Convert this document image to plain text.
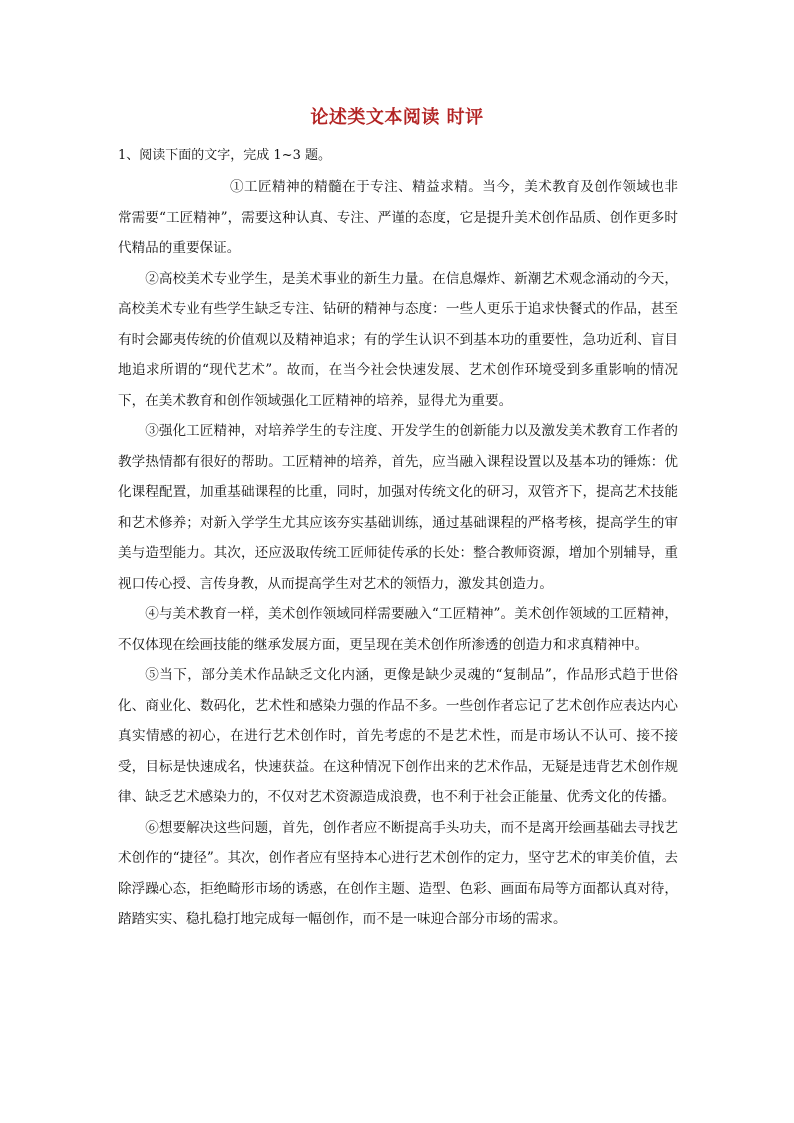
论述类文本阅读 时评
1、阅读下面的文字，完成 1~3 题。

①工匠精神的精髓在于专注、精益求精。当今，美术教育及创作领域也非常需要“工匠精神”，需要这种认真、专注、严谨的态度，它是提升美术创作品质、创作更多时代精品的重要保证。

②高校美术专业学生，是美术事业的新生力量。在信息爆炸、新潮艺术观念涌动的今天，高校美术专业有些学生缺乏专注、钻研的精神与态度：一些人更乐于追求快餐式的作品，甚至有时会鄙夷传统的价值观以及精神追求；有的学生认识不到基本功的重要性，急功近利、盲目地追求所谓的“现代艺术”。故而，在当今社会快速发展、艺术创作环境受到多重影响的情况下，在美术教育和创作领域强化工匠精神的培养，显得尤为重要。

③强化工匠精神，对培养学生的专注度、开发学生的创新能力以及激发美术教育工作者的教学热情都有很好的帮助。工匠精神的培养，首先，应当融入课程设置以及基本功的锤炼：优化课程配置，加重基础课程的比重，同时，加强对传统文化的研习，双管齐下，提高艺术技能和艺术修养；对新入学学生尤其应该夯实基础训练，通过基础课程的严格考核，提高学生的审美与造型能力。其次，还应汲取传统工匠师徒传承的长处：整合教师资源，增加个别辅导，重视口传心授、言传身教，从而提高学生对艺术的领悟力，激发其创造力。

④与美术教育一样，美术创作领域同样需要融入“工匠精神”。美术创作领域的工匠精神，不仅体现在绘画技能的继承发展方面，更呈现在美术创作所渗透的创造力和求真精神中。

⑤当下，部分美术作品缺乏文化内涵，更像是缺少灵魂的“复制品”，作品形式趋于世俗化、商业化、数码化，艺术性和感染力强的作品不多。一些创作者忘记了艺术创作应表达内心真实情感的初心，在进行艺术创作时，首先考虑的不是艺术性，而是市场认不认可、接不接受，目标是快速成名，快速获益。在这种情况下创作出来的艺术作品，无疑是违背艺术创作规律、缺乏艺术感染力的，不仅对艺术资源造成浪费，也不利于社会正能量、优秀文化的传播。

⑥想要解决这些问题，首先，创作者应不断提高手头功夫，而不是离开绘画基础去寻找艺术创作的“捷径”。其次，创作者应有坚持本心进行艺术创作的定力，坚守艺术的审美价值，去除浮躁心态，拒绝畸形市场的诱惑，在创作主题、造型、色彩、画面布局等方面都认真对待，踏踏实实、稳扎稳打地完成每一幅创作，而不是一味迎合部分市场的需求。
